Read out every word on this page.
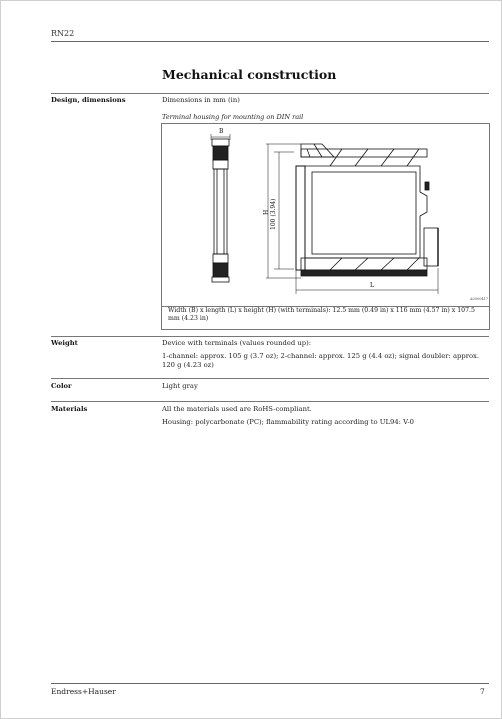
RN22
Mechanical construction
Design, dimensions	Dimensions in mm (in)
Terminal housing for mounting on DIN rail
B
H 100 (3.94)
L
A0000417
Width (B) x length (L) x height (H) (with terminals): 12.5 mm (0.49 in) x 116 mm (4.57 in) x 107.5 mm (4.23 in)
Weight	Device with terminals (values rounded up):
1-channel: approx. 105 g (3.7 oz); 2-channel: approx. 125 g (4.4 oz); signal doubler: approx. 120 g (4.23 oz)
Color	Light gray
Materials	All the materials used are RoHS-compliant.
Housing: polycarbonate (PC); flammability rating according to UL94: V-0
Endress+Hauser	7
